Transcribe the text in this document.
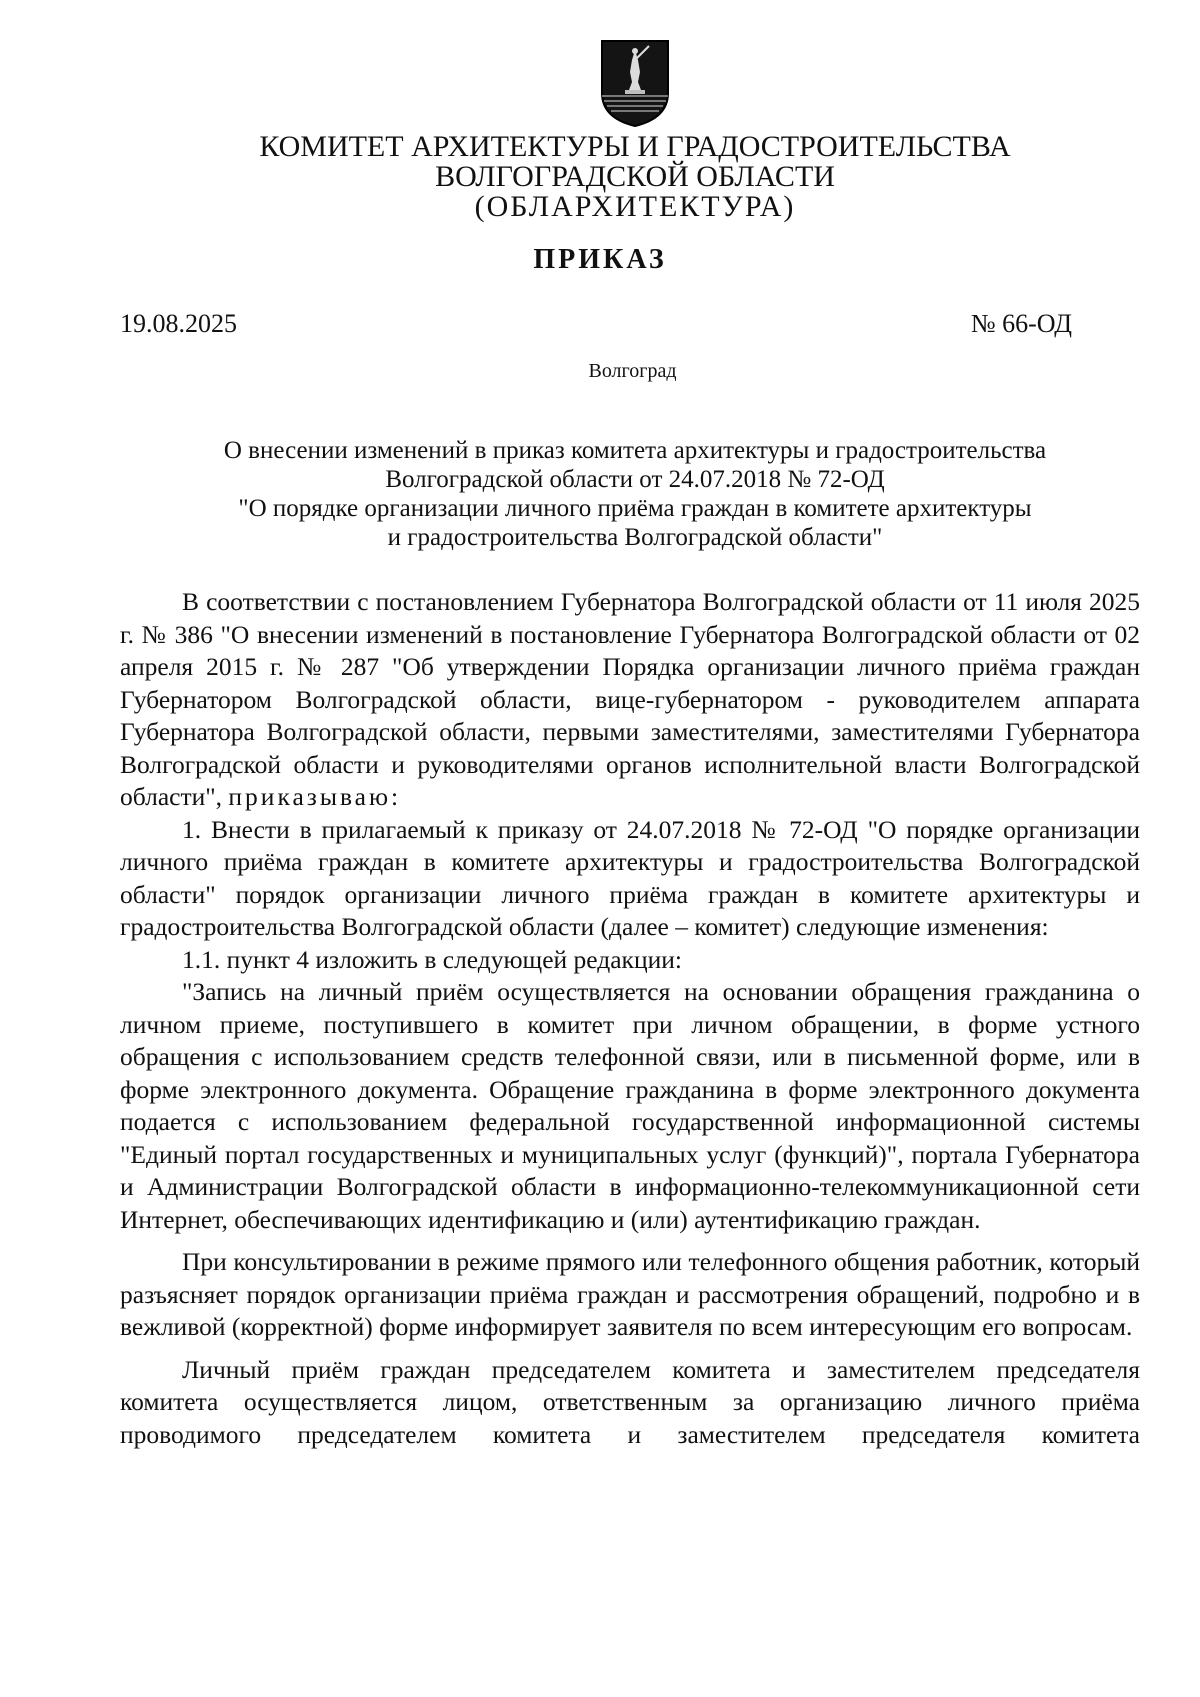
КОМИТЕТ АРХИТЕКТУРЫ И ГРАДОСТРОИТЕЛЬСТВА
ВОЛГОГРАДСКОЙ ОБЛАСТИ
(ОБЛАРХИТЕКТУРА)
ПРИКАЗ
19.08.2025	№ 66-ОД
Волгоград
О внесении изменений в приказ комитета архитектуры и градостроительства
Волгоградской области от 24.07.2018 № 72-ОД
"О порядке организации личного приёма граждан в комитете архитектуры
и градостроительства Волгоградской области"

В соответствии с постановлением Губернатора Волгоградской области от 11 июля 2025 г. № 386 "О внесении изменений в постановление Губернатора Волгоградской области от 02 апреля 2015 г. № 287 "Об утверждении Порядка организации личного приёма граждан Губернатором Волгоградской области, вице-губернатором - руководителем аппарата Губернатора Волгоградской области, первыми заместителями, заместителями Губернатора Волгоградской области и руководителями органов исполнительной власти Волгоградской области", приказываю:

1. Внести в прилагаемый к приказу от 24.07.2018 № 72-ОД "О порядке организации личного приёма граждан в комитете архитектуры и градостроительства Волгоградской области" порядок организации личного приёма граждан в комитете архитектуры и градостроительства Волгоградской области (далее – комитет) следующие изменения:

1.1. пункт 4 изложить в следующей редакции:

"Запись на личный приём осуществляется на основании обращения гражданина о личном приеме, поступившего в комитет при личном обращении, в форме устного обращения с использованием средств телефонной связи, или в письменной форме, или в форме электронного документа. Обращение гражданина в форме электронного документа подается с использованием федеральной государственной информационной системы "Единый портал государственных и муниципальных услуг (функций)", портала Губернатора и Администрации Волгоградской области в информационно-телекоммуникационной сети Интернет, обеспечивающих идентификацию и (или) аутентификацию граждан.

При консультировании в режиме прямого или телефонного общения работник, который разъясняет порядок организации приёма граждан и рассмотрения обращений, подробно и в вежливой (корректной) форме информирует заявителя по всем интересующим его вопросам.

Личный приём граждан председателем комитета и заместителем председателя комитета осуществляется лицом, ответственным за организацию личного приёма проводимого председателем комитета и заместителем председателя комитета
